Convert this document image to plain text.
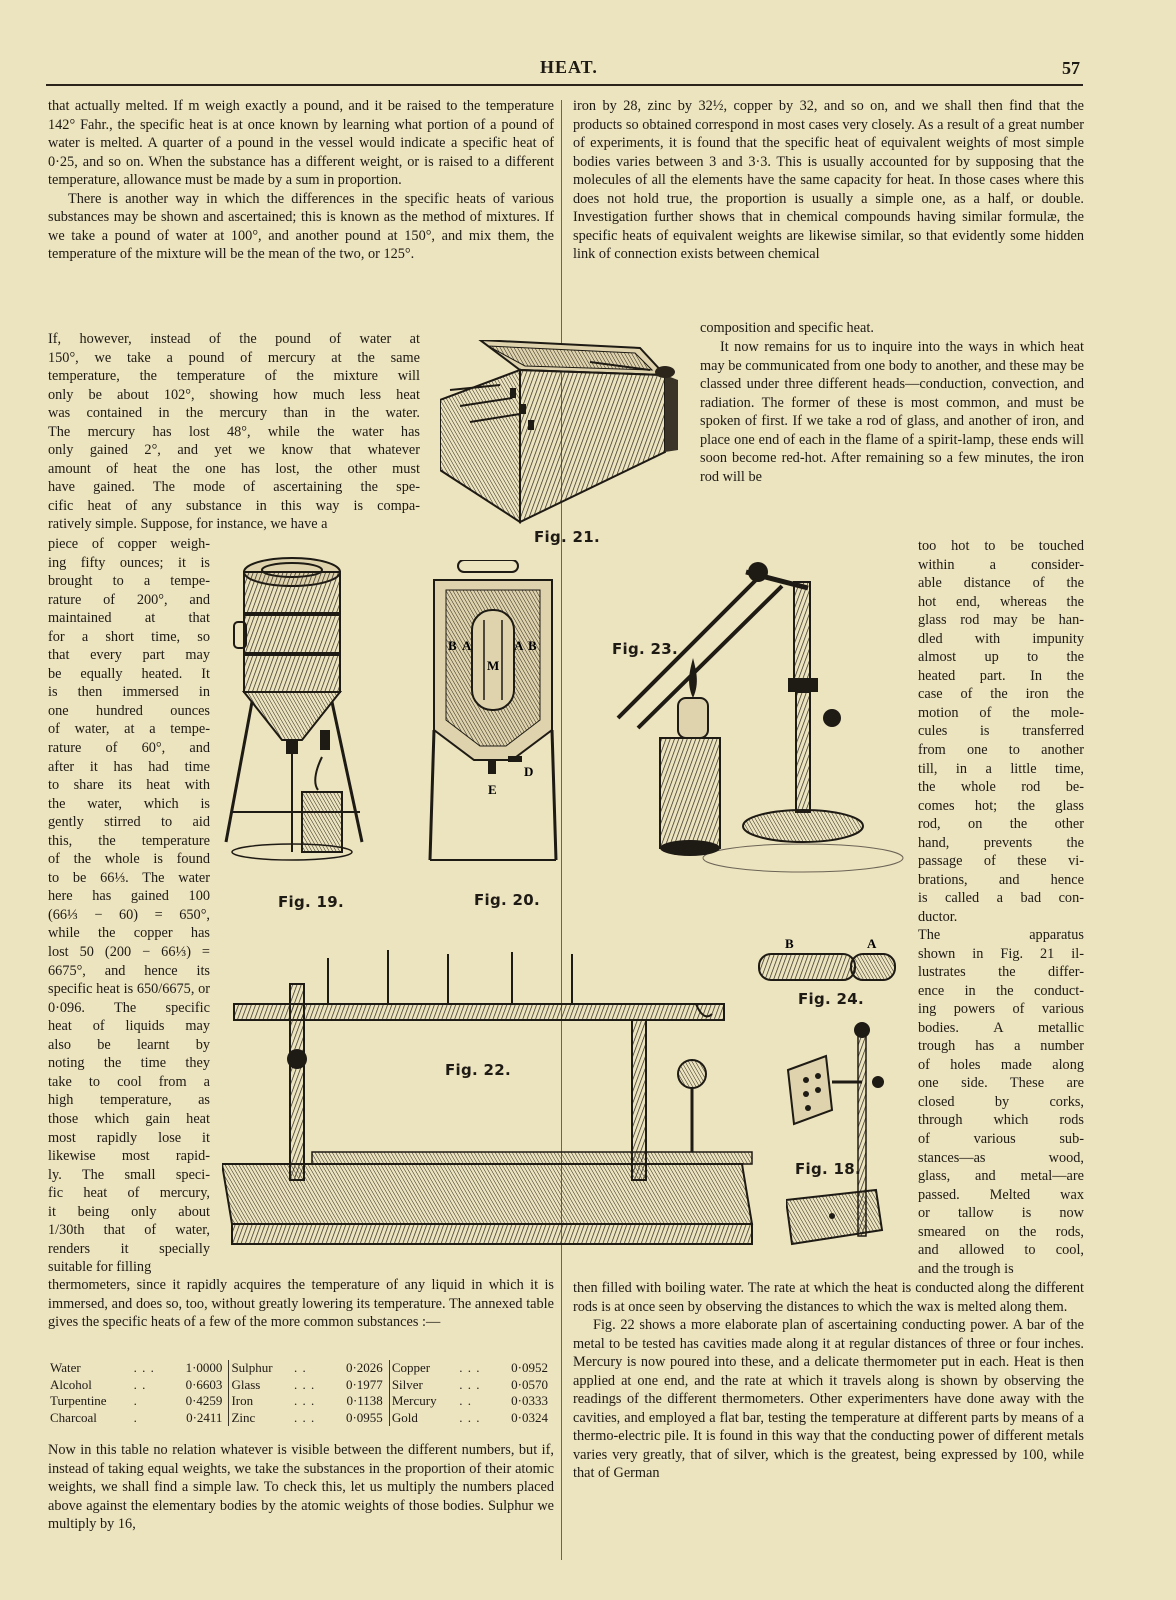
HEAT.	57

that actually melted. If m weigh exactly a pound, and it be raised to the temperature 142° Fahr., the specific heat is at once known by learning what portion of a pound of water is melted. A quarter of a pound in the vessel would indicate a specific heat of 0·25, and so on. When the substance has a different weight, or is raised to a different temperature, allowance must be made by a sum in proportion.

There is another way in which the differences in the specific heats of various substances may be shown and ascertained; this is known as the method of mixtures. If we take a pound of water at 100°, and another pound at 150°, and mix them, the temperature of the mixture will be the mean of the two, or 125°.

If, however, instead of the pound of water at
150°, we take a pound of mercury at the same
temperature, the temperature of the mixture will
only be about 102°, showing how much less heat
was contained in the mercury than in the water.
The mercury has lost 48°, while the water has
only gained 2°, and yet we know that whatever
amount of heat the one has lost, the other must
have gained. The mode of ascertaining the spe-
cific heat of any substance in this way is compa-
ratively simple. Suppose, for instance, we have a
piece of copper weigh-
ing fifty ounces; it is
brought to a tempe-
rature of 200°, and
maintained at that
for a short time, so
that every part may
be equally heated. It
is then immersed in
one hundred ounces
of water, at a tempe-
rature of 60°, and
after it has had time
to share its heat with
the water, which is
gently stirred to aid
this, the temperature
of the whole is found
to be 66⅓. The water
here has gained 100
(66⅓ − 60) = 650°,
while the copper has
lost 50 (200 − 66⅓) =
6675°, and hence its
specific heat is 650/6675, or
0·096. The specific
heat of liquids may
also be learnt by
noting the time they
take to cool from a
high temperature, as
those which gain heat
most rapidly lose it
likewise most rapid-
ly. The small speci-
fic heat of mercury,
it being only about
1/30th that of water,
renders it specially
suitable for filling

thermometers, since it rapidly acquires the temperature of any liquid in which it is immersed, and does so, too, without greatly lowering its temperature. The annexed table gives the specific heats of a few of the more common substances :—

Water	. . .	1·0000	Sulphur	. .	0·2026	Copper	. . .	0·0952
Alcohol	. .	0·6603	Glass	. . .	0·1977	Silver	. . .	0·0570
Turpentine	.	0·4259	Iron	. . .	0·1138	Mercury	. .	0·0333
Charcoal	.	0·2411	Zinc	. . .	0·0955	Gold	. . .	0·0324

Now in this table no relation whatever is visible between the different numbers, but if, instead of taking equal weights, we take the substances in the proportion of their atomic weights, we shall find a simple law. To check this, let us multiply the numbers placed above against the elementary bodies by the atomic weights of those bodies. Sulphur we multiply by 16,

iron by 28, zinc by 32½, copper by 32, and so on, and we shall then find that the products so obtained correspond in most cases very closely. As a result of a great number of experiments, it is found that the specific heat of equivalent weights of most simple bodies varies between 3 and 3·3. This is usually accounted for by supposing that the molecules of all the elements have the same capacity for heat. In those cases where this does not hold true, the proportion is usually a simple one, as a half, or double. Investigation further shows that in chemical compounds having similar formulæ, the specific heats of equivalent weights are likewise similar, so that evidently some hidden link of connection exists between chemical

composition and specific heat.

It now remains for us to inquire into the ways in which heat may be communicated from one body to another, and these may be classed under three different heads—conduction, convection, and radiation. The former of these is most common, and must be spoken of first. If we take a rod of glass, and another of iron, and place one end of each in the flame of a spirit-lamp, these ends will soon become red-hot. After remaining so a few minutes, the iron rod will be

too hot to be touched
within a consider-
able distance of the
hot end, whereas the
glass rod may be han-
dled with impunity
almost up to the
heated part. In the
case of the iron the
motion of the mole-
cules is transferred
from one to another
till, in a little time,
the whole rod be-
comes hot; the glass
rod, on the other
hand, prevents the
passage of these vi-
brations, and hence
is called a bad con-
ductor.
The apparatus
shown in Fig. 21 il-
lustrates the differ-
ence in the conduct-
ing powers of various
bodies. A metallic
trough has a number
of holes made along
one side. These are
closed by corks,
through which rods
of various sub-
stances—as wood,
glass, and metal—are
passed. Melted wax
or tallow is now
smeared on the rods,
and allowed to cool,
and the trough is

then filled with boiling water. The rate at which the heat is conducted along the different rods is at once seen by observing the distances to which the wax is melted along them.

Fig. 22 shows a more elaborate plan of ascertaining conducting power. A bar of the metal to be tested has cavities made along it at regular distances of three or four inches. Mercury is now poured into these, and a delicate thermometer put in each. Heat is then applied at one end, and the rate at which it travels along is shown by observing the readings of the different thermometers. Other experimenters have done away with the cavities, and employed a flat bar, testing the temperature at different parts by means of a thermo-electric pile. It is found in this way that the conducting power of different metals varies very greatly, that of silver, which is the greatest, being expressed by 100, while that of German

Fig. 21.
Fig. 19.
B A
M
A B
D
E
Fig. 20.
Fig. 23.
B	A
Fig. 24.
Fig. 22.
Fig. 18.
